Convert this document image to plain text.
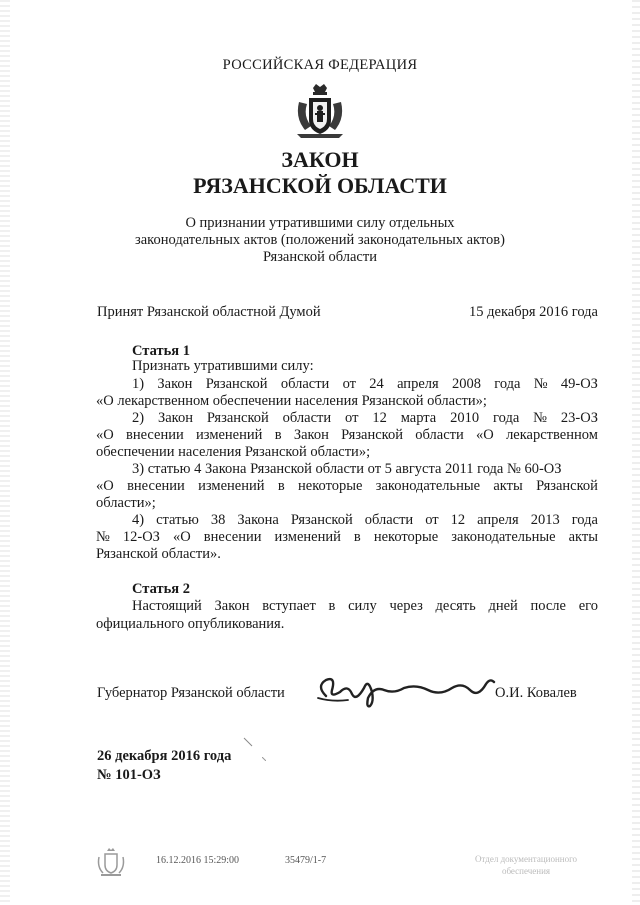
РОССИЙСКАЯ ФЕДЕРАЦИЯ
ЗАКОН
РЯЗАНСКОЙ ОБЛАСТИ
О признании утратившими силу отдельных
законодательных актов (положений законодательных актов)
Рязанской области
Принят Рязанской областной Думой	15 декабря 2016 года
Статья 1
Признать утратившими силу:
1) Закон Рязанской области от 24 апреля 2008 года № 49-ОЗ
«О лекарственном обеспечении населения Рязанской области»;
2) Закон Рязанской области от 12 марта 2010 года № 23-ОЗ
«О внесении изменений в Закон Рязанской области «О лекарственном
обеспечении населения Рязанской области»;
3) статью 4 Закона Рязанской области от 5 августа 2011 года № 60-ОЗ
«О внесении изменений в некоторые законодательные акты Рязанской
области»;
4) статью 38 Закона Рязанской области от 12 апреля 2013 года
№ 12-ОЗ «О внесении изменений в некоторые законодательные акты
Рязанской области».
Статья 2
Настоящий Закон вступает в силу через десять дней после его
официального опубликования.
Губернатор Рязанской области	О.И. Ковалев
26 декабря 2016 года
№ 101-ОЗ
16.12.2016 15:29:00	35479/1-7	Отдел документационного
обеспечения
